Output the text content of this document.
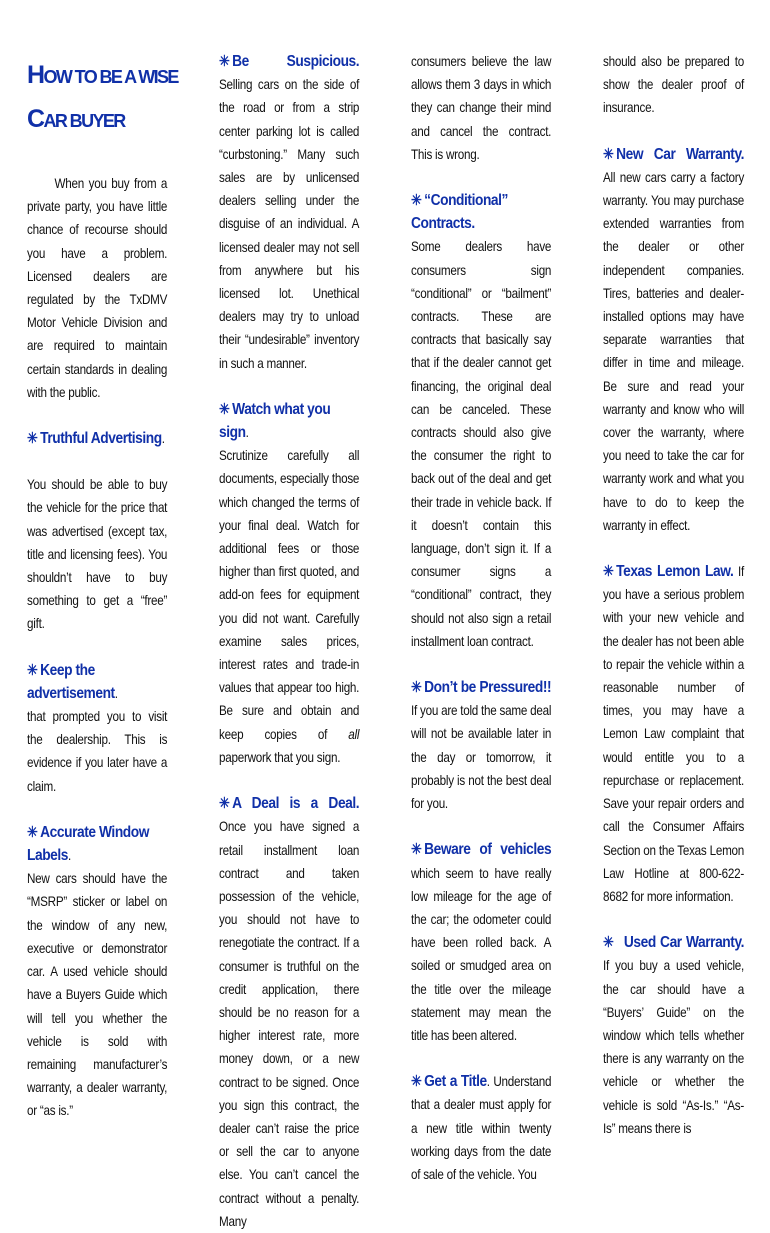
HOW TO BE A WISE
CAR BUYER

When you buy from a private party, you have little chance of recourse should you have a problem. Licensed dealers are regulated by the TxDMV Motor Vehicle Division and are required to maintain certain standards in dealing with the public.

✳ Truthful Advertising.

You should be able to buy the vehicle for the price that was advertised (except tax, title and licensing fees). You shouldn’t have to buy something to get a “free” gift.

✳ Keep the advertisement.

that prompted you to visit the dealership. This is evidence if you later have a claim.

✳ Accurate Window Labels.

New cars should have the “MSRP” sticker or label on the window of any new, executive or demonstrator car. A used vehicle should have a Buyers Guide which will tell you whether the vehicle is sold with remaining manufacturer’s warranty, a dealer warranty, or “as is.”

✳ Be Suspicious. Selling cars on the side of the road or from a strip center parking lot is called “curbstoning.” Many such sales are by unlicensed dealers selling under the disguise of an individual. A licensed dealer may not sell from anywhere but his licensed lot. Unethical dealers may try to unload their “undesirable” inventory in such a manner.

✳ Watch what you sign.

Scrutinize carefully all documents, especially those which changed the terms of your final deal. Watch for additional fees or those higher than first quoted, and add-on fees for equipment you did not want. Carefully examine sales prices, interest rates and trade-in values that appear too high. Be sure and obtain and keep copies of all paperwork that you sign.

✳ A Deal is a Deal. Once you have signed a retail installment loan contract and taken possession of the vehicle, you should not have to renegotiate the contract. If a consumer is truthful on the credit application, there should be no reason for a higher interest rate, more money down, or a new contract to be signed. Once you sign this contract, the dealer can’t raise the price or sell the car to anyone else. You can’t cancel the contract without a penalty. Many

consumers believe the law allows them 3 days in which they can change their mind and cancel the contract. This is wrong.

✳ “Conditional” Contracts.

Some dealers have consumers sign “conditional” or “bailment” contracts. These are contracts that basically say that if the dealer cannot get financing, the original deal can be canceled. These contracts should also give the consumer the right to back out of the deal and get their trade in vehicle back. If it doesn’t contain this language, don’t sign it. If a consumer signs a “conditional” contract, they should not also sign a retail installment loan contract.

✳ Don’t be Pressured!! If you are told the same deal will not be available later in the day or tomorrow, it probably is not the best deal for you.

✳ Beware of vehicles which seem to have really low mileage for the age of the car; the odometer could have been rolled back. A soiled or smudged area on the title over the mileage statement may mean the title has been altered.

✳ Get a Title. Understand that a dealer must apply for a new title within twenty working days from the date of sale of the vehicle. You

should also be prepared to show the dealer proof of insurance.

✳ New Car Warranty. All new cars carry a factory warranty. You may purchase extended warranties from the dealer or other independent companies. Tires, batteries and dealer-installed options may have separate warranties that differ in time and mileage. Be sure and read your warranty and know who will cover the warranty, where you need to take the car for warranty work and what you have to do to keep the warranty in effect.

✳ Texas Lemon Law. If you have a serious problem with your new vehicle and the dealer has not been able to repair the vehicle within a reasonable number of times, you may have a Lemon Law complaint that would entitle you to a repurchase or replacement. Save your repair orders and call the Consumer Affairs Section on the Texas Lemon Law Hotline at 800-622-8682 for more information.

✳ Used Car Warranty. If you buy a used vehicle, the car should have a “Buyers’ Guide” on the window which tells whether there is any warranty on the vehicle or whether the vehicle is sold “As-Is.” “As-Is” means there is
